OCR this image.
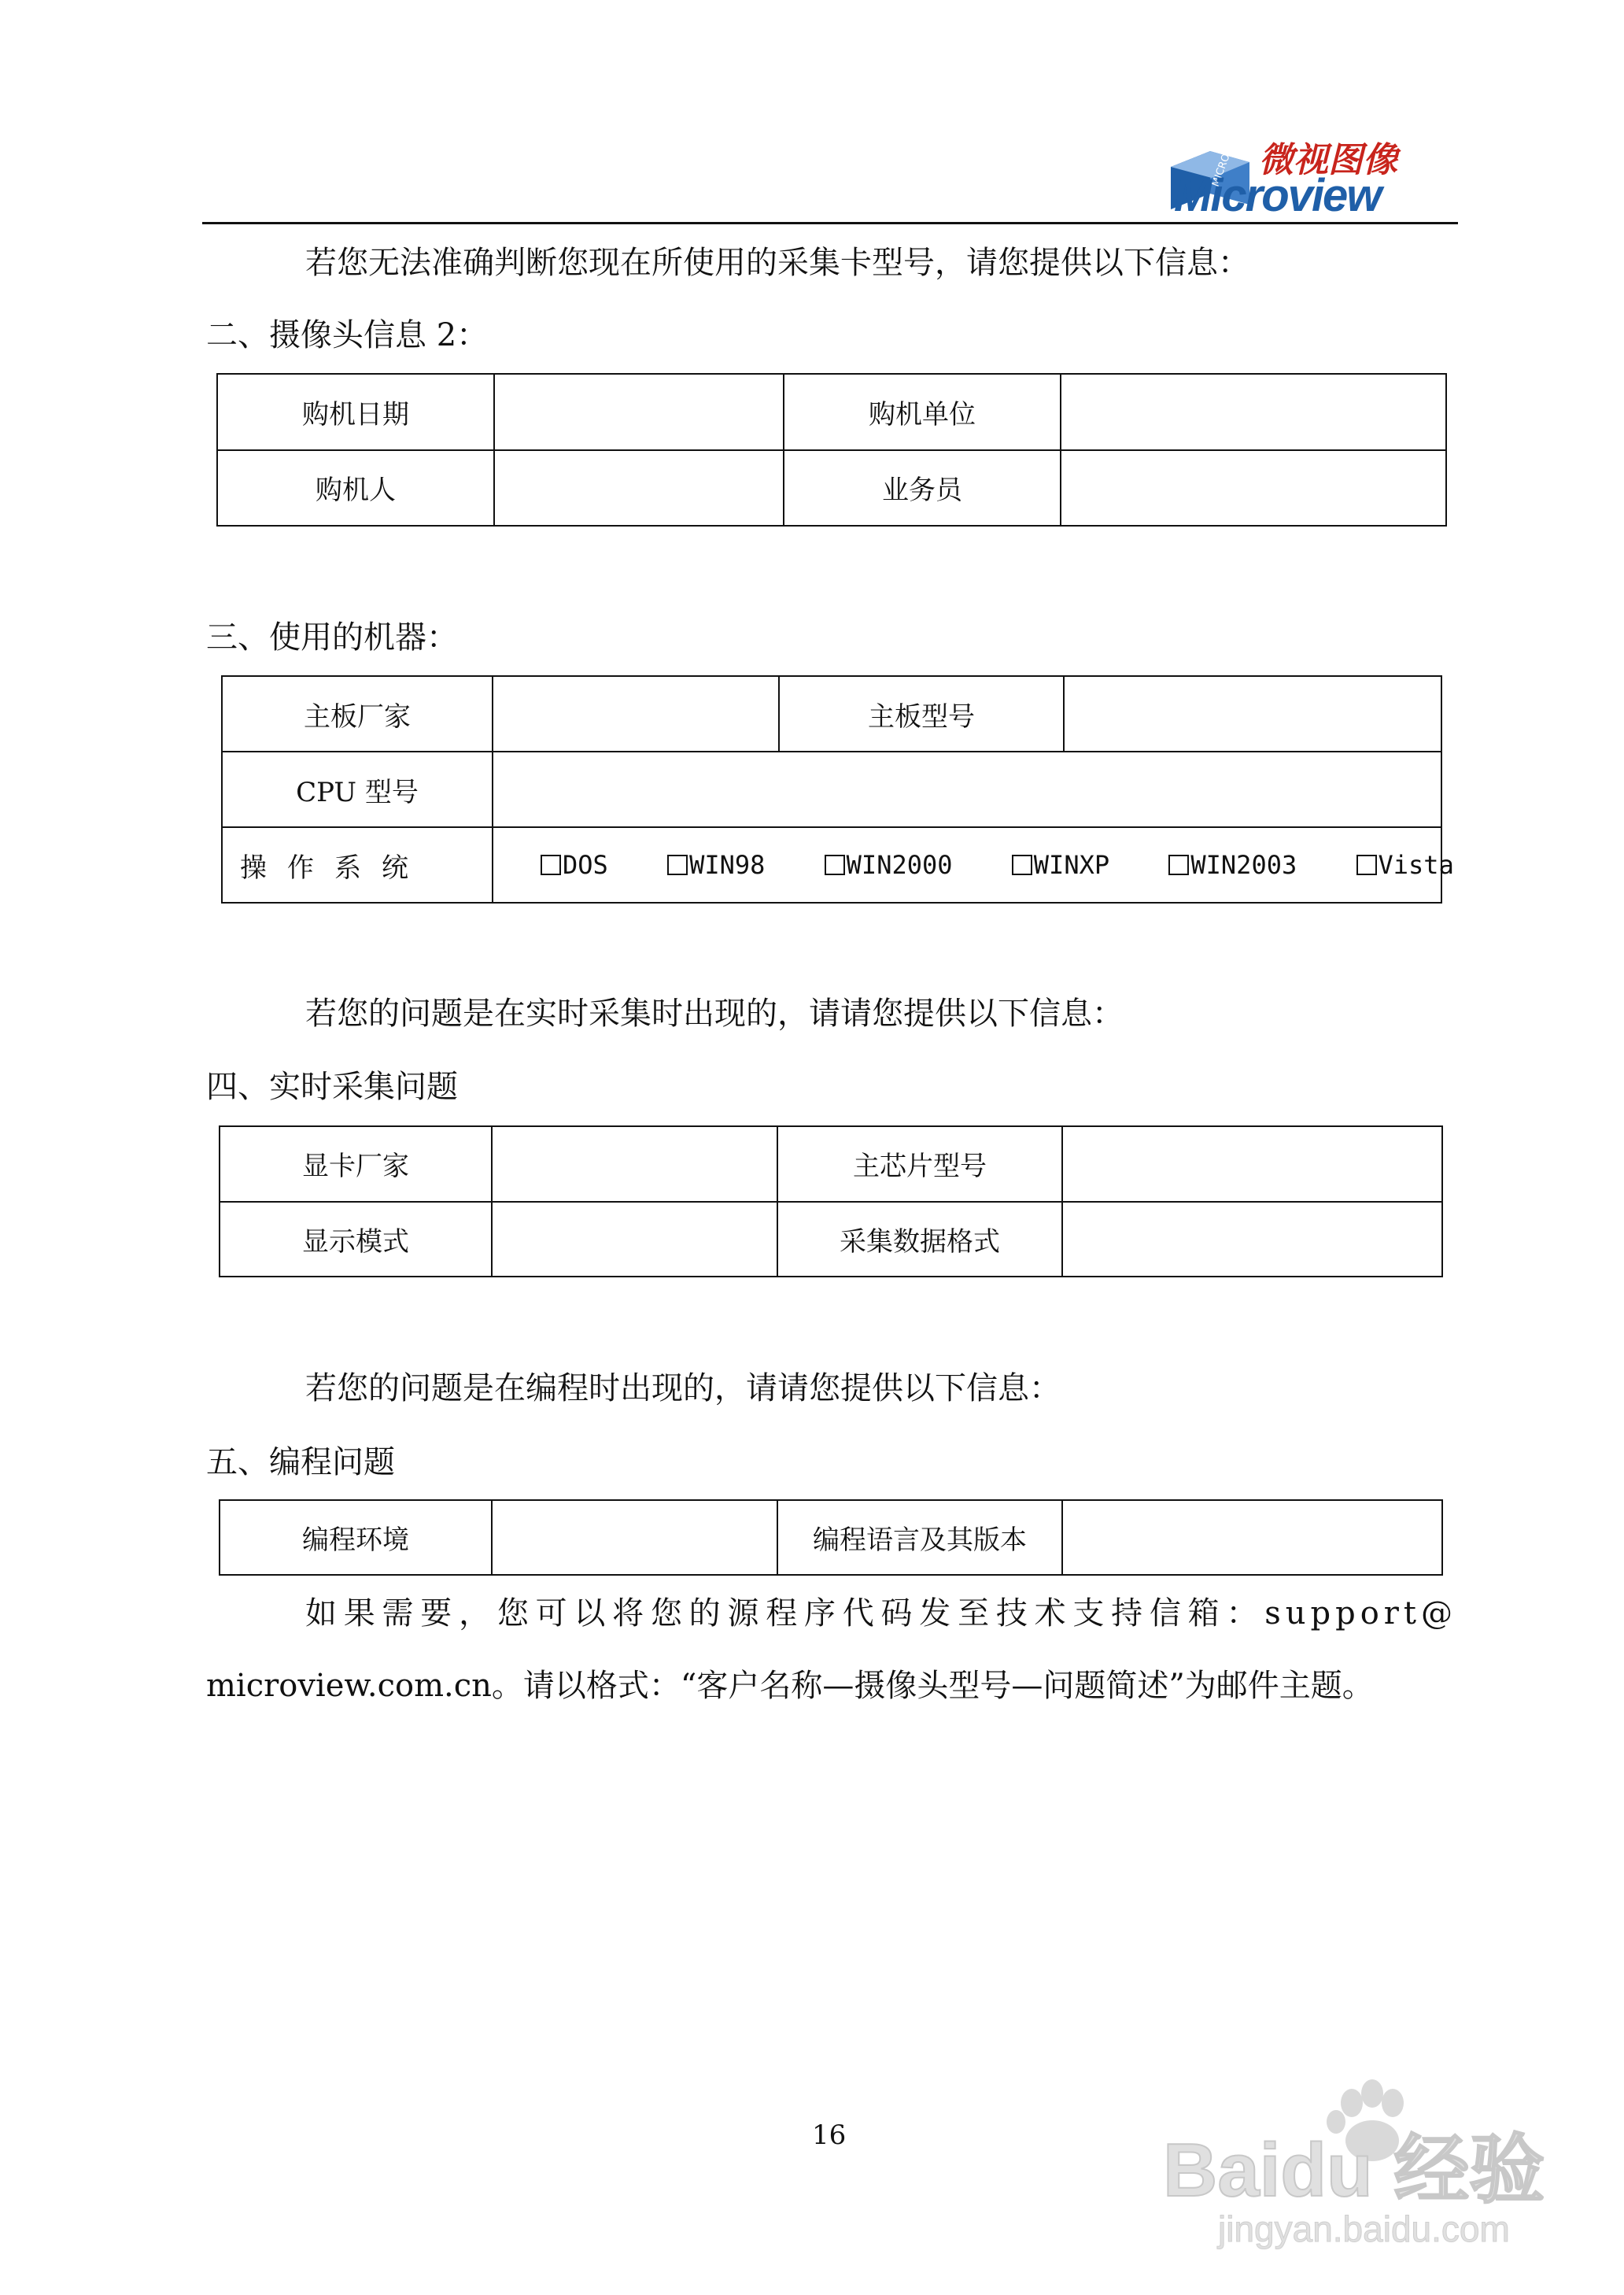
MICRO VIEW 微视图像
Microview
若您无法准确判断您现在所使用的采集卡型号，请您提供以下信息：
二、摄像头信息 2：
购机日期		购机单位	
购机人		业务员	
三、使用的机器：
主板厂家		主板型号	
CPU 型号			
操作系统	DOS WIN98 WIN2000 WINXP WIN2003 Vista		
若您的问题是在实时采集时出现的，请请您提供以下信息：
四、实时采集问题
显卡厂家		主芯片型号	
显示模式		采集数据格式	
若您的问题是在编程时出现的，请请您提供以下信息：
五、编程问题
编程环境		编程语言及其版本	
如果需要，您可以将您的源程序代码发至技术支持信箱：support@
microview.com.cn。请以格式：“客户名称—摄像头型号—问题简述”为邮件主题。
16	Baidu 经验
jingyan.baidu.com
